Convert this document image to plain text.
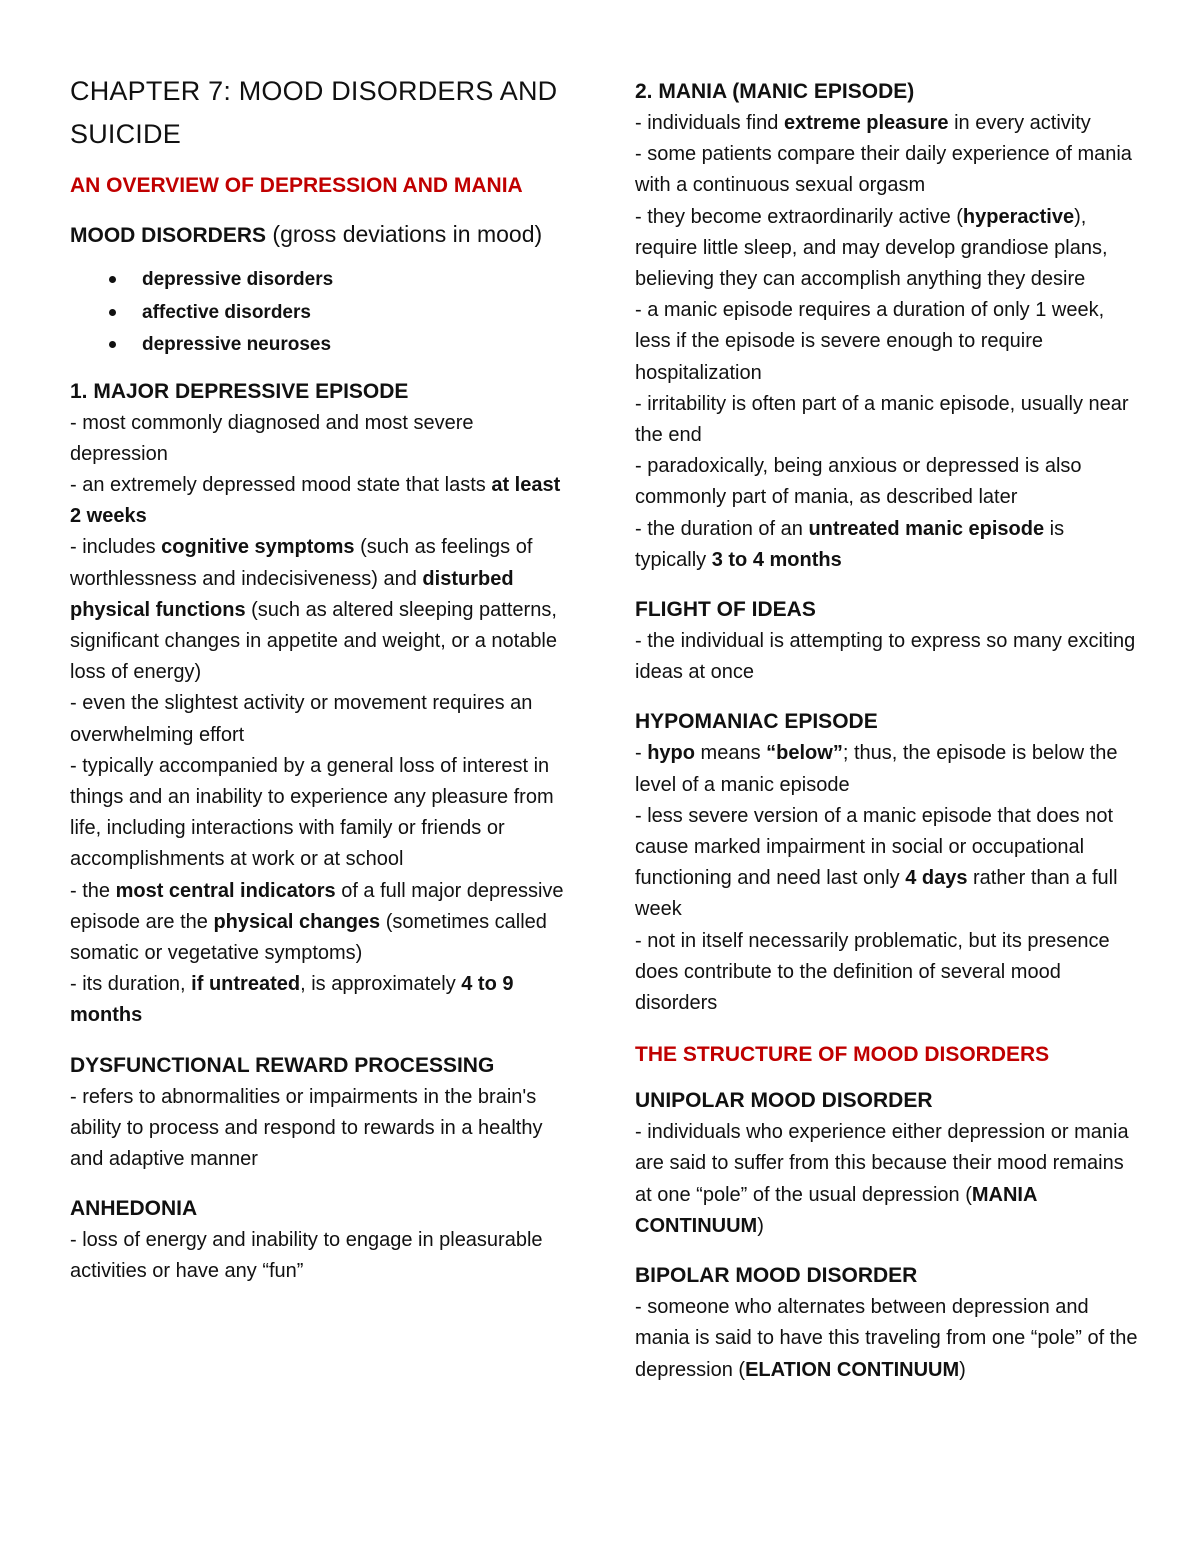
CHAPTER 7: MOOD DISORDERS AND SUICIDE
AN OVERVIEW OF DEPRESSION AND MANIA

MOOD DISORDERS (gross deviations in mood)

depressive disorders
affective disorders
depressive neuroses
1. MAJOR DEPRESSIVE EPISODE

- most commonly diagnosed and most severe depression

- an extremely depressed mood state that lasts at least 2 weeks

- includes cognitive symptoms (such as feelings of worthlessness and indecisiveness) and disturbed physical functions (such as altered sleeping patterns, significant changes in appetite and weight, or a notable loss of energy)

- even the slightest activity or movement requires an overwhelming effort

- typically accompanied by a general loss of interest in things and an inability to experience any pleasure from life, including interactions with family or friends or accomplishments at work or at school

- the most central indicators of a full major depressive episode are the physical changes (sometimes called somatic or vegetative symptoms)

- its duration, if untreated, is approximately 4 to 9 months

DYSFUNCTIONAL REWARD PROCESSING

- refers to abnormalities or impairments in the brain's ability to process and respond to rewards in a healthy and adaptive manner

ANHEDONIA

- loss of energy and inability to engage in pleasurable activities or have any “fun”

2. MANIA (MANIC EPISODE)

- individuals find extreme pleasure in every activity

- some patients compare their daily experience of mania with a continuous sexual orgasm

- they become extraordinarily active (hyperactive), require little sleep, and may develop grandiose plans, believing they can accomplish anything they desire

- a manic episode requires a duration of only 1 week, less if the episode is severe enough to require hospitalization

- irritability is often part of a manic episode, usually near the end

- paradoxically, being anxious or depressed is also commonly part of mania, as described later

- the duration of an untreated manic episode is typically 3 to 4 months

FLIGHT OF IDEAS

- the individual is attempting to express so many exciting ideas at once

HYPOMANIAC EPISODE

- hypo means “below”; thus, the episode is below the level of a manic episode

- less severe version of a manic episode that does not cause marked impairment in social or occupational functioning and need last only 4 days rather than a full week

- not in itself necessarily problematic, but its presence does contribute to the definition of several mood disorders

THE STRUCTURE OF MOOD DISORDERS
UNIPOLAR MOOD DISORDER

- individuals who experience either depression or mania are said to suffer from this because their mood remains at one “pole” of the usual depression (MANIA CONTINUUM)

BIPOLAR MOOD DISORDER

- someone who alternates between depression and mania is said to have this traveling from one “pole” of the depression (ELATION CONTINUUM)
